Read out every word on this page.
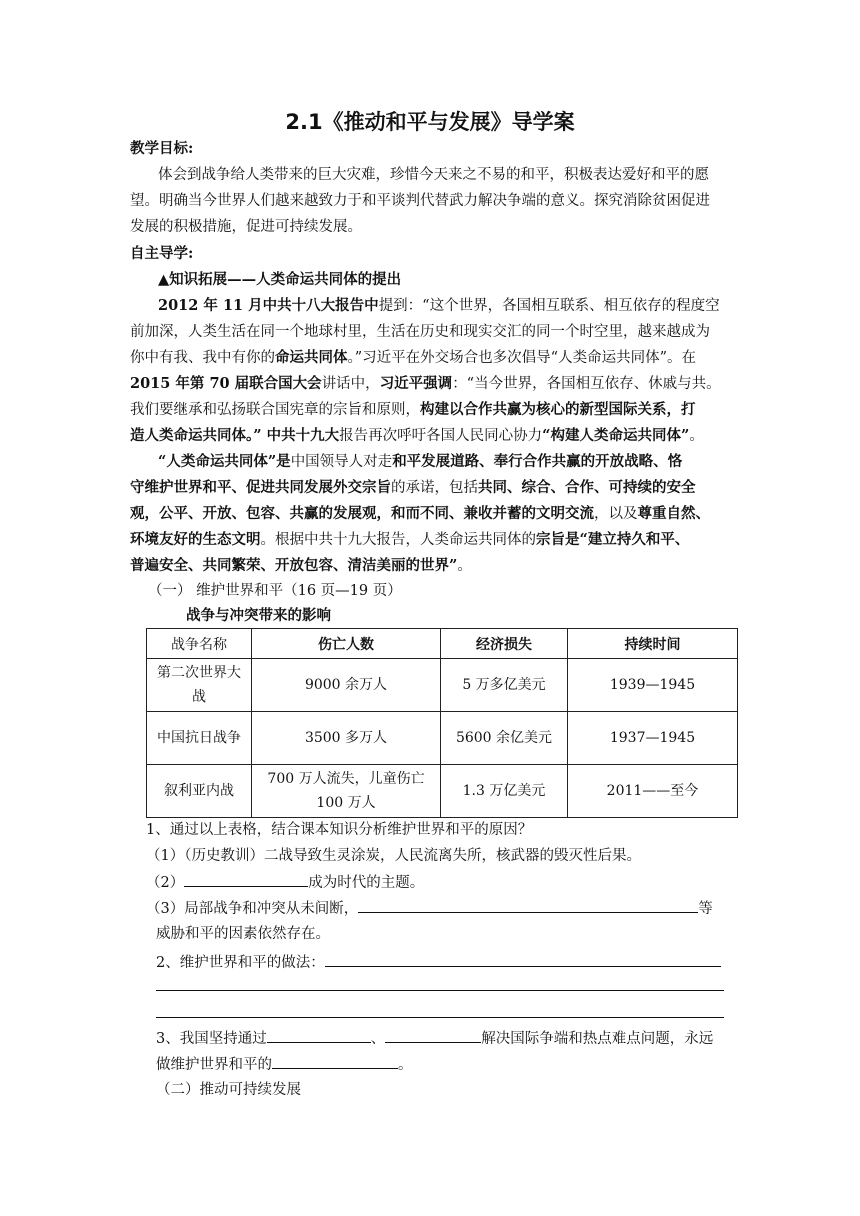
2.1《推动和平与发展》导学案
教学目标:
体会到战争给人类带来的巨大灾难，珍惜今天来之不易的和平，积极表达爱好和平的愿
望。明确当今世界人们越来越致力于和平谈判代替武力解决争端的意义。探究消除贫困促进
发展的积极措施，促进可持续发展。
自主导学:
▲知识拓展——人类命运共同体的提出
2012 年 11 月中共十八大报告中提到：“这个世界，各国相互联系、相互依存的程度空
前加深，人类生活在同一个地球村里，生活在历史和现实交汇的同一个时空里，越来越成为
你中有我、我中有你的命运共同体。”习近平在外交场合也多次倡导“人类命运共同体”。在
2015 年第 70 届联合国大会讲话中，习近平强调：“当今世界，各国相互依存、休戚与共。
我们要继承和弘扬联合国宪章的宗旨和原则，构建以合作共赢为核心的新型国际关系，打
造人类命运共同体。” 中共十九大报告再次呼吁各国人民同心协力“构建人类命运共同体”。
“人类命运共同体”是中国领导人对走和平发展道路、奉行合作共赢的开放战略、恪
守维护世界和平、促进共同发展外交宗旨的承诺，包括共同、综合、合作、可持续的安全
观，公平、开放、包容、共赢的发展观，和而不同、兼收并蓄的文明交流，以及尊重自然、
环境友好的生态文明。根据中共十九大报告，人类命运共同体的宗旨是“建立持久和平、
普遍安全、共同繁荣、开放包容、清洁美丽的世界”。
（一） 维护世界和平（16 页—19 页）
战争与冲突带来的影响
战争名称	伤亡人数	经济损失	持续时间
第二次世界大战	9000 余万人	5 万多亿美元	1939—1945
中国抗日战争	3500 多万人	5600 余亿美元	1937—1945
叙利亚内战	700 万人流失，儿童伤亡 100 万人	1.3 万亿美元	2011——至今
1、通过以上表格，结合课本知识分析维护世界和平的原因？
（1）（历史教训）二战导致生灵涂炭，人民流离失所，核武器的毁灭性后果。
（2）	成为时代的主题。
（3）局部战争和冲突从未间断，	等
威胁和平的因素依然存在。
2、维护世界和平的做法：
3、我国坚持通过	、	解决国际争端和热点难点问题，永远
做维护世界和平的	。
（二）推动可持续发展
